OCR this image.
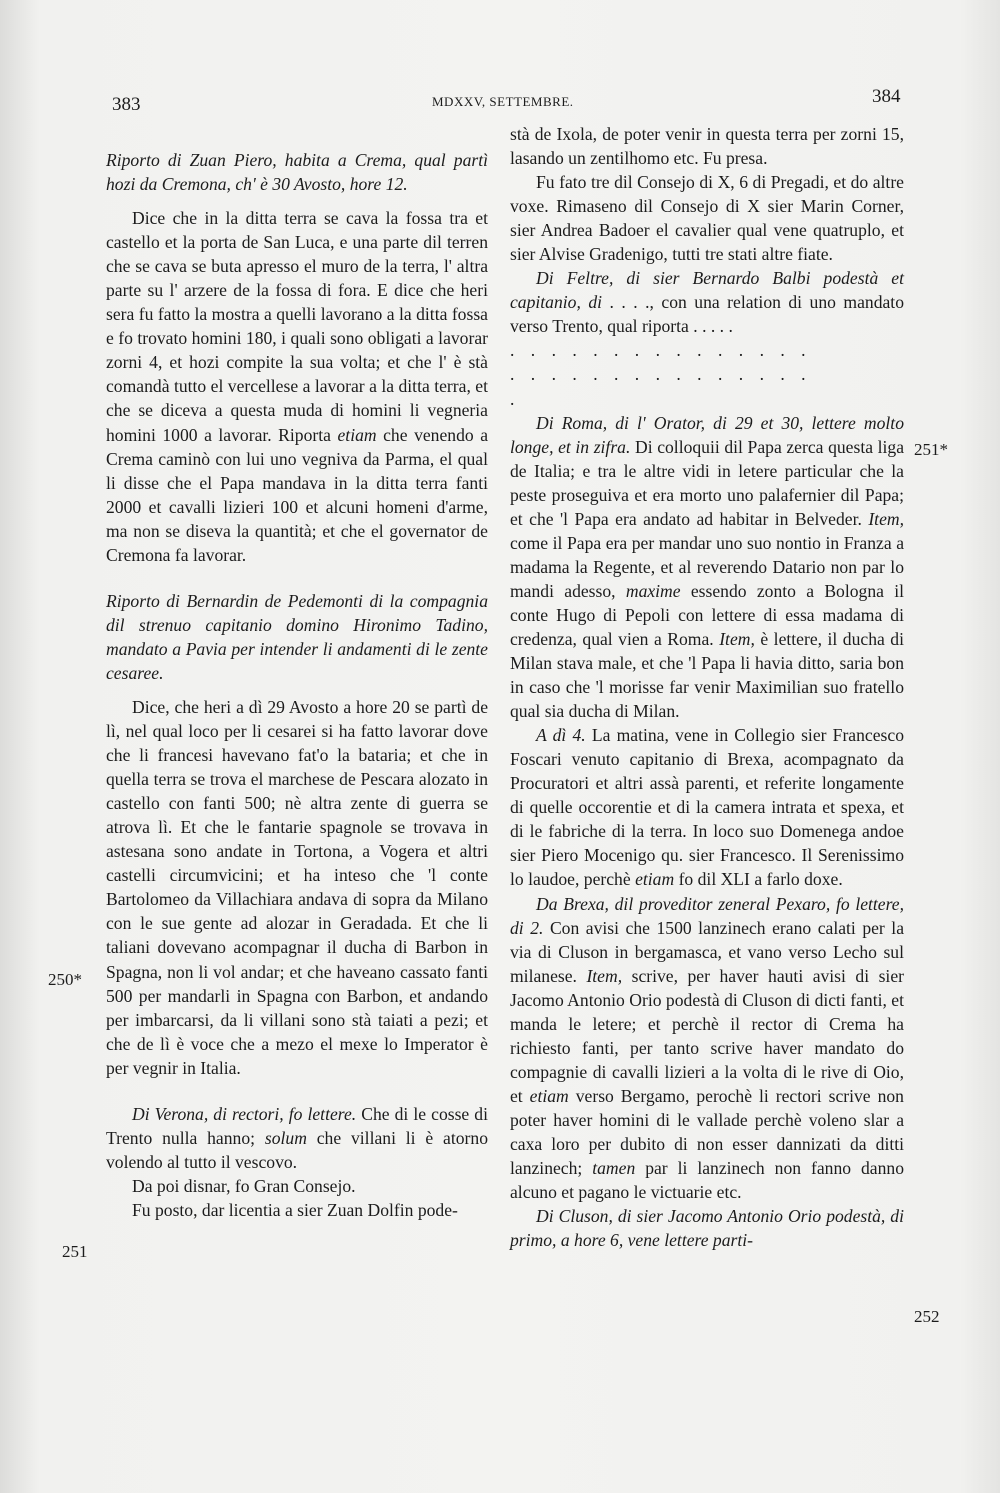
383	MDXXV, SETTEMBRE.	384
250*
251
251*
252

Riporto di Zuan Piero, habita a Crema, qual partì hozi da Cremona, ch' è 30 Avosto, hore 12.

Dice che in la ditta terra se cava la fossa tra et castello et la porta de San Luca, e una parte dil terren che se cava se buta apresso el muro de la terra, l' altra parte su l' arzere de la fossa di fora. E dice che heri sera fu fatto la mostra a quelli lavorano a la ditta fossa e fo trovato homini 180, i quali sono obligati a lavorar zorni 4, et hozi compite la sua volta; et che l' è stà comandà tutto el vercellese a lavorar a la ditta terra, et che se diceva a questa muda di homini li vegneria homini 1000 a lavorar. Riporta etiam che venendo a Crema caminò con lui uno vegniva da Parma, el qual li disse che el Papa mandava in la ditta terra fanti 2000 et cavalli lizieri 100 et alcuni homeni d'arme, ma non se diseva la quantità; et che el governator de Cremona fa lavorar.

Riporto di Bernardin de Pedemonti di la compagnia dil strenuo capitanio domino Hironimo Tadino, mandato a Pavia per intender li andamenti di le zente cesaree.

Dice, che heri a dì 29 Avosto a hore 20 se partì de lì, nel qual loco per li cesarei si ha fatto lavorar dove che li francesi havevano fat'o la bataria; et che in quella terra se trova el marchese de Pescara alozato in castello con fanti 500; nè altra zente di guerra se atrova lì. Et che le fantarie spagnole se trovava in astesana sono andate in Tortona, a Vogera et altri castelli circumvicini; et ha inteso che 'l conte Bartolomeo da Villachiara andava di sopra da Milano con le sue gente ad alozar in Geradada. Et che li taliani dovevano acompagnar il ducha di Barbon in Spagna, non li vol andar; et che haveano cassato fanti 500 per mandarli in Spagna con Barbon, et andando per imbarcarsi, da li villani sono stà taiati a pezi; et che de lì è voce che a mezo el mexe lo Imperator è per vegnir in Italia.

Di Verona, di rectori, fo lettere. Che di le cosse di Trento nulla hanno; solum che villani li è atorno volendo al tutto il vescovo.

Da poi disnar, fo Gran Consejo.

Fu posto, dar licentia a sier Zuan Dolfin pode-

stà de Ixola, de poter venir in questa terra per zorni 15, lasando un zentilhomo etc. Fu presa.

Fu fato tre dil Consejo di X, 6 di Pregadi, et do altre voxe. Rimaseno dil Consejo di X sier Marin Corner, sier Andrea Badoer el cavalier qual vene quatruplo, et sier Alvise Gradenigo, tutti tre stati altre fiate.

Di Feltre, di sier Bernardo Balbi podestà et capitanio, di . . . ., con una relation di uno mandato verso Trento, qual riporta . . . . .

. . . . . . . . . . . . . . .

. . . . . . . . . . . . . . .

.

Di Roma, di l' Orator, di 29 et 30, lettere molto longe, et in zifra. Di colloquii dil Papa zerca questa liga de Italia; e tra le altre vidi in letere particular che la peste proseguiva et era morto uno palafernier dil Papa; et che 'l Papa era andato ad habitar in Belveder. Item, come il Papa era per mandar uno suo nontio in Franza a madama la Regente, et al reverendo Datario non par lo mandi adesso, maxime essendo zonto a Bologna il conte Hugo di Pepoli con lettere di essa madama di credenza, qual vien a Roma. Item, è lettere, il ducha di Milan stava male, et che 'l Papa li havia ditto, saria bon in caso che 'l morisse far venir Maximilian suo fratello qual sia ducha di Milan.

A dì 4. La matina, vene in Collegio sier Francesco Foscari venuto capitanio di Brexa, acompagnato da Procuratori et altri assà parenti, et referite longamente di quelle occorentie et di la camera intrata et spexa, et di le fabriche di la terra. In loco suo Domenega andoe sier Piero Mocenigo qu. sier Francesco. Il Serenissimo lo laudoe, perchè etiam fo dil XLI a farlo doxe.

Da Brexa, dil proveditor zeneral Pexaro, fo lettere, di 2. Con avisi che 1500 lanzinech erano calati per la via di Cluson in bergamasca, et vano verso Lecho sul milanese. Item, scrive, per haver hauti avisi di sier Jacomo Antonio Orio podestà di Cluson di dicti fanti, et manda le letere; et perchè il rector di Crema ha richiesto fanti, per tanto scrive haver mandato do compagnie di cavalli lizieri a la volta di le rive di Oio, et etiam verso Bergamo, perochè li rectori scrive non poter haver homini di le vallade perchè voleno slar a caxa loro per dubito di non esser dannizati da ditti lanzinech; tamen par li lanzinech non fanno danno alcuno et pagano le victuarie etc.

Di Cluson, di sier Jacomo Antonio Orio podestà, di primo, a hore 6, vene lettere parti-
